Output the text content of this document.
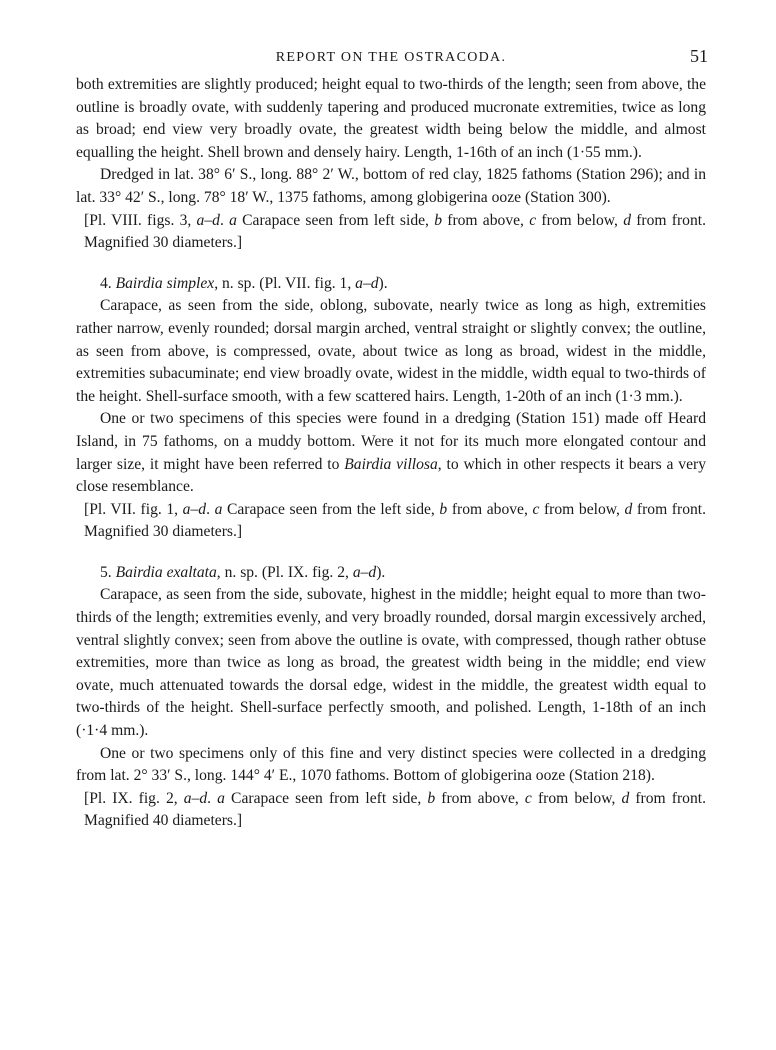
REPORT ON THE OSTRACODA.	51

both extremities are slightly produced; height equal to two-thirds of the length; seen from above, the outline is broadly ovate, with suddenly tapering and produced mucronate extremities, twice as long as broad; end view very broadly ovate, the greatest width being below the middle, and almost equalling the height. Shell brown and densely hairy. Length, 1-16th of an inch (1·55 mm.).

Dredged in lat. 38° 6′ S., long. 88° 2′ W., bottom of red clay, 1825 fathoms (Station 296); and in lat. 33° 42′ S., long. 78° 18′ W., 1375 fathoms, among globigerina ooze (Station 300).

[Pl. VIII. figs. 3, a–d. a Carapace seen from left side, b from above, c from below, d from front. Magnified 30 diameters.]

4. Bairdia simplex, n. sp. (Pl. VII. fig. 1, a–d).

Carapace, as seen from the side, oblong, subovate, nearly twice as long as high, extremities rather narrow, evenly rounded; dorsal margin arched, ventral straight or slightly convex; the outline, as seen from above, is compressed, ovate, about twice as long as broad, widest in the middle, extremities subacuminate; end view broadly ovate, widest in the middle, width equal to two-thirds of the height. Shell-surface smooth, with a few scattered hairs. Length, 1-20th of an inch (1·3 mm.).

One or two specimens of this species were found in a dredging (Station 151) made off Heard Island, in 75 fathoms, on a muddy bottom. Were it not for its much more elongated contour and larger size, it might have been referred to Bairdia villosa, to which in other respects it bears a very close resemblance.

[Pl. VII. fig. 1, a–d. a Carapace seen from the left side, b from above, c from below, d from front. Magnified 30 diameters.]

5. Bairdia exaltata, n. sp. (Pl. IX. fig. 2, a–d).

Carapace, as seen from the side, subovate, highest in the middle; height equal to more than two-thirds of the length; extremities evenly, and very broadly rounded, dorsal margin excessively arched, ventral slightly convex; seen from above the outline is ovate, with compressed, though rather obtuse extremities, more than twice as long as broad, the greatest width being in the middle; end view ovate, much attenuated towards the dorsal edge, widest in the middle, the greatest width equal to two-thirds of the height. Shell-surface perfectly smooth, and polished. Length, 1-18th of an inch (·1·4 mm.).

One or two specimens only of this fine and very distinct species were collected in a dredging from lat. 2° 33′ S., long. 144° 4′ E., 1070 fathoms. Bottom of globigerina ooze (Station 218).

[Pl. IX. fig. 2, a–d. a Carapace seen from left side, b from above, c from below, d from front. Magnified 40 diameters.]
